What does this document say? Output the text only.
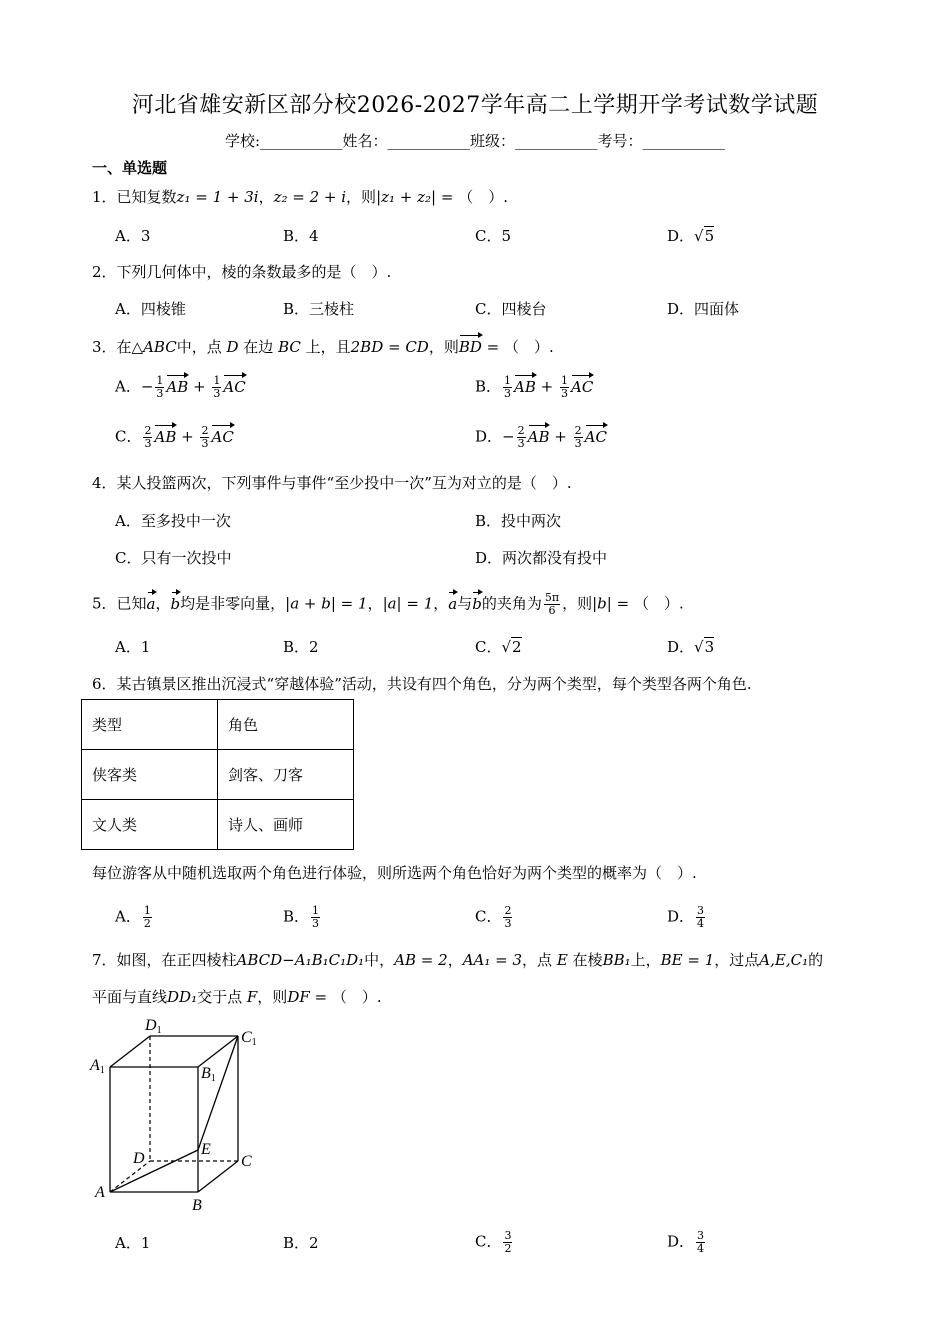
河北省雄安新区部分校2026-2027学年高二上学期开学考试数学试题
学校:___________姓名：___________班级：___________考号：___________
一、单选题
1．已知复数z₁ = 1 + 3i，z₂ = 2 + i，则|z₁ + z₂| = （　）.
A．3	B．4	C．5	D．√5
2．下列几何体中，棱的条数最多的是（　）.
A．四棱锥	B．三棱柱	C．四棱台	D．四面体
3．在△ABC中，点 D 在边 BC 上，且2BD = CD，则BD = （　）.
A．− $\frac{1}{3}$ AB + $\frac{1}{3}$ AC	B． $\frac{1}{3}$ AB + $\frac{1}{3}$ AC
C． $\frac{2}{3}$ AB + $\frac{2}{3}$ AC	D．− $\frac{2}{3}$ AB + $\frac{2}{3}$ AC
4．某人投篮两次，下列事件与事件“至少投中一次”互为对立的是（　）.
A．至多投中一次	B．投中两次
C．只有一次投中	D．两次都没有投中
5．已知a，b均是非零向量，|a + b| = 1，|a| = 1，a与b的夹角为 $\frac{5\pi}{6}$ ，则|b| = （　）.
A．1	B．2	C．√2	D．√3
6．某古镇景区推出沉浸式“穿越体验”活动，共设有四个角色，分为两个类型，每个类型各两个角色.
类型	角色
侠客类	剑客、刀客
文人类	诗人、画师
每位游客从中随机选取两个角色进行体验，则所选两个角色恰好为两个类型的概率为（　）.
A． $\frac{1}{2}$	B． $\frac{1}{3}$	C． $\frac{2}{3}$	D． $\frac{3}{4}$
7．如图，在正四棱柱ABCD−A₁B₁C₁D₁中，AB = 2，AA₁ = 3，点 E 在棱BB₁上，BE = 1，过点A,E,C₁的
平面与直线DD₁交于点 F，则DF = （　）.
D1	C1
A1	B1
D
E
C
A
B
A．1	B．2	C． $\frac{3}{2}$	D． $\frac{3}{4}$
